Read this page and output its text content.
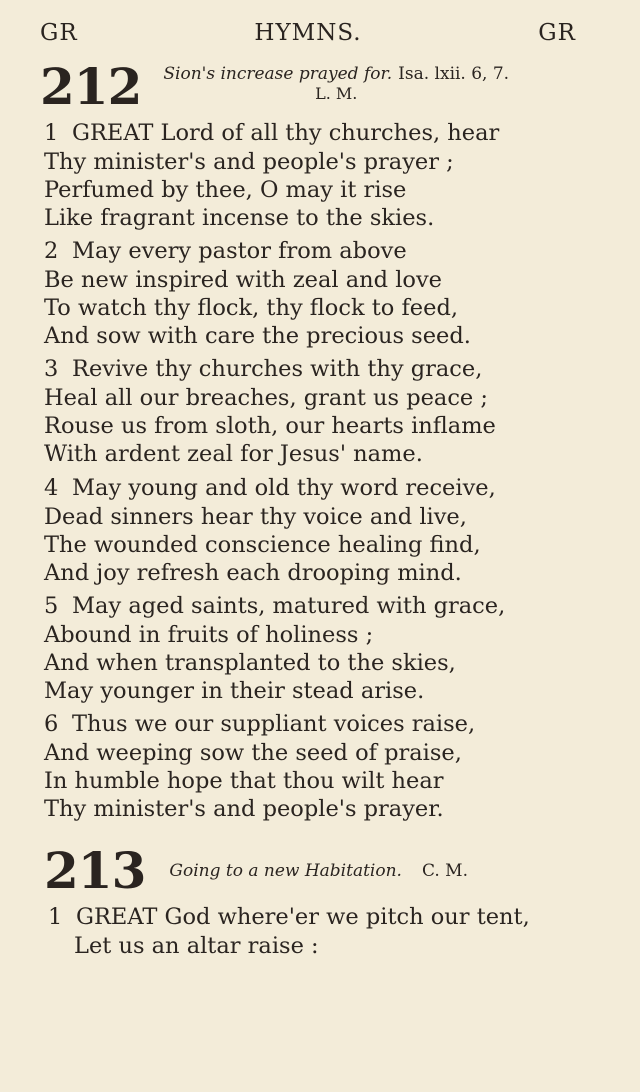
GR	HYMNS.	GR
212 Sion's increase prayed for. Isa. lxii. 6, 7.
L. M.
1 GREAT Lord of all thy churches, hear
Thy minister's and people's prayer ;
Perfumed by thee, O may it rise
Like fragrant incense to the skies.
2 May every pastor from above
Be new inspired with zeal and love
To watch thy flock, thy flock to feed,
And sow with care the precious seed.
3 Revive thy churches with thy grace,
Heal all our breaches, grant us peace ;
Rouse us from sloth, our hearts inflame
With ardent zeal for Jesus' name.
4 May young and old thy word receive,
Dead sinners hear thy voice and live,
The wounded conscience healing find,
And joy refresh each drooping mind.
5 May aged saints, matured with grace,
Abound in fruits of holiness ;
And when transplanted to the skies,
May younger in their stead arise.
6 Thus we our suppliant voices raise,
And weeping sow the seed of praise,
In humble hope that thou wilt hear
Thy minister's and people's prayer.
213 Going to a new Habitation. C. M.
1 GREAT God where'er we pitch our tent,
Let us an altar raise :
